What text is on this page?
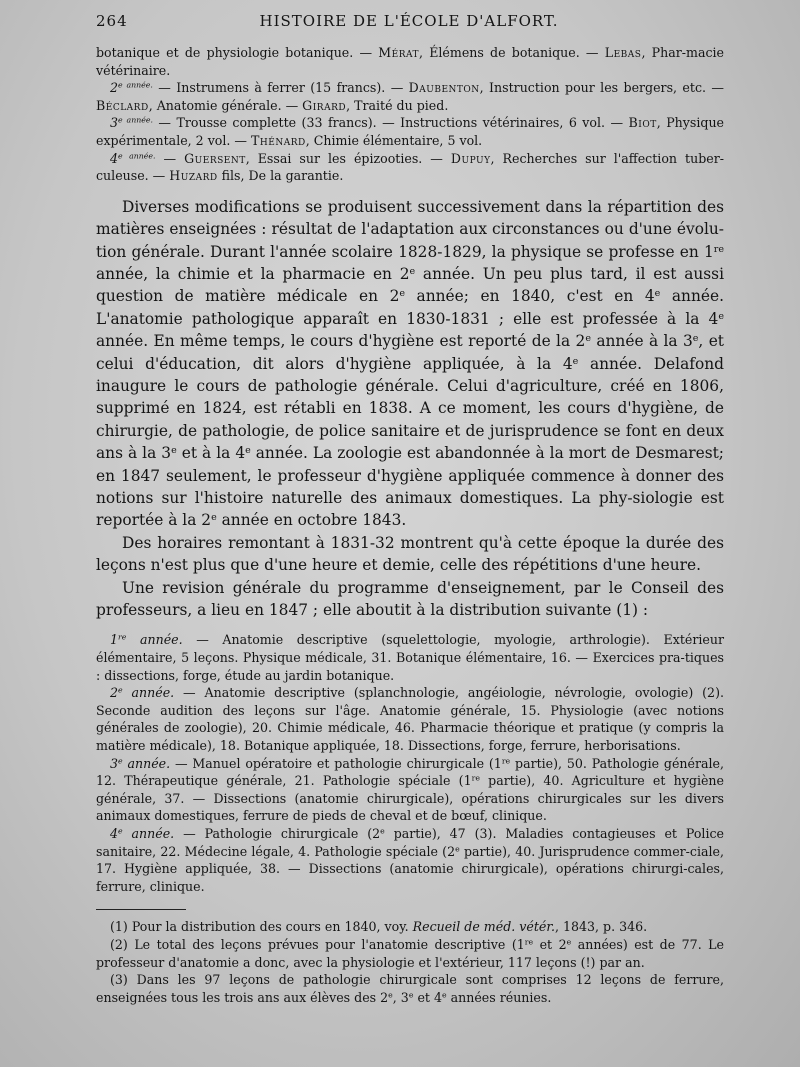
264	HISTOIRE DE L'ÉCOLE D'ALFORT.

botanique et de physiologie botanique. — Mérat, Élémens de botanique. — Lebas, Phar-macie vétérinaire.

$2^{e année.}$ — Instrumens à ferrer (15 francs). — Daubenton, Instruction pour les bergers, etc. — Béclard, Anatomie générale. — Girard, Traité du pied.

$3^{e année.}$ — Trousse complette (33 francs). — Instructions vétérinaires, 6 vol. — Biot, Physique expérimentale, 2 vol. — Thénard, Chimie élémentaire, 5 vol.

$4^{e année.}$ — Guersent, Essai sur les épizooties. — Dupuy, Recherches sur l'affection tuber-culeuse. — Huzard fils, De la garantie.

Diverses modifications se produisent successivement dans la répartition des matières enseignées : résultat de l'adaptation aux circonstances ou d'une évolution générale. Durant l'année scolaire 1828-1829, la physique se professe en 1re année, la chimie et la pharmacie en 2e année. Un peu plus tard, il est aussi question de matière médicale en 2e année; en 1840, c'est en 4e année. L'anatomie pathologique apparaît en 1830-1831 ; elle est professée à la 4e année. En même temps, le cours d'hygiène est reporté de la 2e année à la 3e, et celui d'éducation, dit alors d'hygiène appliquée, à la 4e année. Delafond inaugure le cours de pathologie générale. Celui d'agriculture, créé en 1806, supprimé en 1824, est rétabli en 1838. A ce moment, les cours d'hygiène, de chirurgie, de pathologie, de police sanitaire et de jurisprudence se font en deux ans à la 3e et à la 4e année. La zoologie est abandonnée à la mort de Desmarest; en 1847 seulement, le professeur d'hygiène appliquée commence à donner des notions sur l'histoire naturelle des animaux domestiques. La phy-siologie est reportée à la 2e année en octobre 1843.

Des horaires remontant à 1831-32 montrent qu'à cette époque la durée des leçons n'est plus que d'une heure et demie, celle des répétitions d'une heure.

Une revision générale du programme d'enseignement, par le Conseil des professeurs, a lieu en 1847 ; elle aboutit à la distribution suivante (1) :

1re année. — Anatomie descriptive (squelettologie, myologie, arthrologie). Extérieur élémentaire, 5 leçons. Physique médicale, 31. Botanique élémentaire, 16. — Exercices pra-tiques : dissections, forge, étude au jardin botanique.

2e année. — Anatomie descriptive (splanchnologie, angéiologie, névrologie, ovologie) (2). Seconde audition des leçons sur l'âge. Anatomie générale, 15. Physiologie (avec notions générales de zoologie), 20. Chimie médicale, 46. Pharmacie théorique et pratique (y compris la matière médicale), 18. Botanique appliquée, 18. Dissections, forge, ferrure, herborisations.

3e année. — Manuel opératoire et pathologie chirurgicale (1re partie), 50. Pathologie générale, 12. Thérapeutique générale, 21. Pathologie spéciale (1re partie), 40. Agriculture et hygiène générale, 37. — Dissections (anatomie chirurgicale), opérations chirurgicales sur les divers animaux domestiques, ferrure de pieds de cheval et de bœuf, clinique.

4e année. — Pathologie chirurgicale (2e partie), 47 (3). Maladies contagieuses et Police sanitaire, 22. Médecine légale, 4. Pathologie spéciale (2e partie), 40. Jurisprudence commer-ciale, 17. Hygiène appliquée, 38. — Dissections (anatomie chirurgicale), opérations chirurgi-cales, ferrure, clinique.

(1) Pour la distribution des cours en 1840, voy. Recueil de méd. vétér., 1843, p. 346.

(2) Le total des leçons prévues pour l'anatomie descriptive (1re et 2e années) est de 77. Le professeur d'anatomie a donc, avec la physiologie et l'extérieur, 117 leçons (!) par an.

(3) Dans les 97 leçons de pathologie chirurgicale sont comprises 12 leçons de ferrure, enseignées tous les trois ans aux élèves des 2e, 3e et 4e années réunies.
